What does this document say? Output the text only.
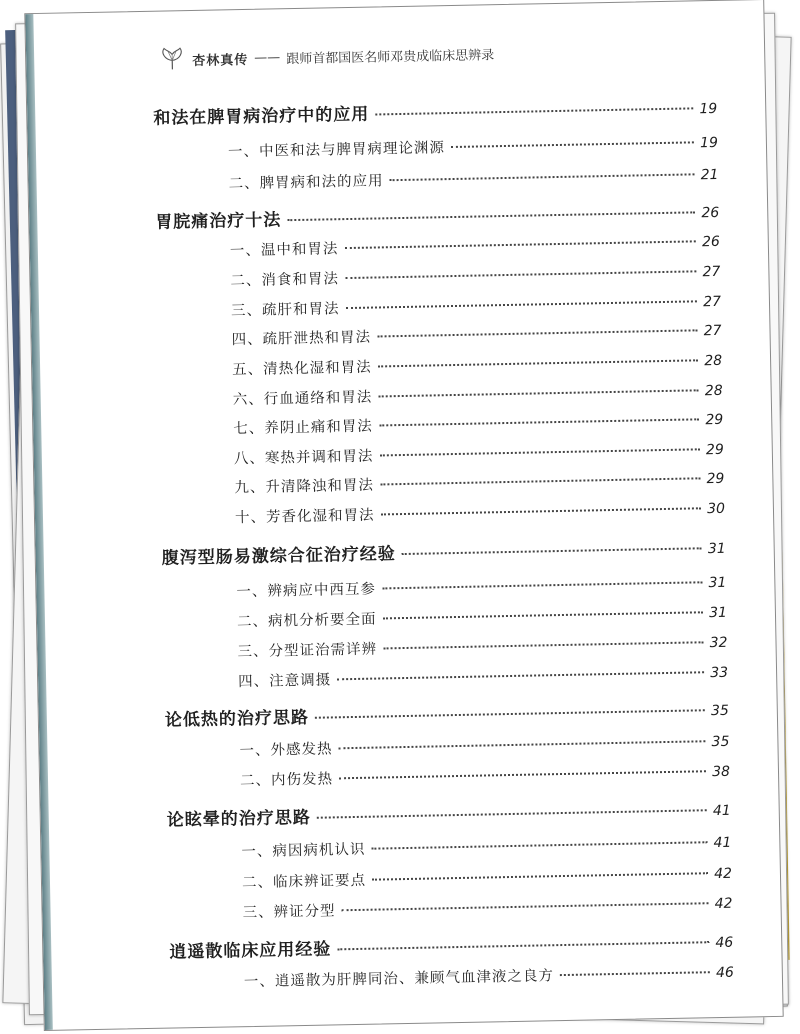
杏林真传 —— 跟师首都国医名师邓贵成临床思辨录
和法在脾胃病治疗中的应用	19
一、中医和法与脾胃病理论渊源	19
二、脾胃病和法的应用	21
胃脘痛治疗十法	26
一、温中和胃法	26
二、消食和胃法	27
三、疏肝和胃法	27
四、疏肝泄热和胃法	27
五、清热化湿和胃法	28
六、行血通络和胃法	28
七、养阴止痛和胃法	29
八、寒热并调和胃法	29
九、升清降浊和胃法	29
十、芳香化湿和胃法	30
腹泻型肠易激综合征治疗经验	31
一、辨病应中西互参	31
二、病机分析要全面	31
三、分型证治需详辨	32
四、注意调摄	33
论低热的治疗思路	35
一、外感发热	35
二、内伤发热	38
论眩晕的治疗思路	41
一、病因病机认识	41
二、临床辨证要点	42
三、辨证分型	42
逍遥散临床应用经验	46
一、逍遥散为肝脾同治、兼顾气血津液之良方	46
